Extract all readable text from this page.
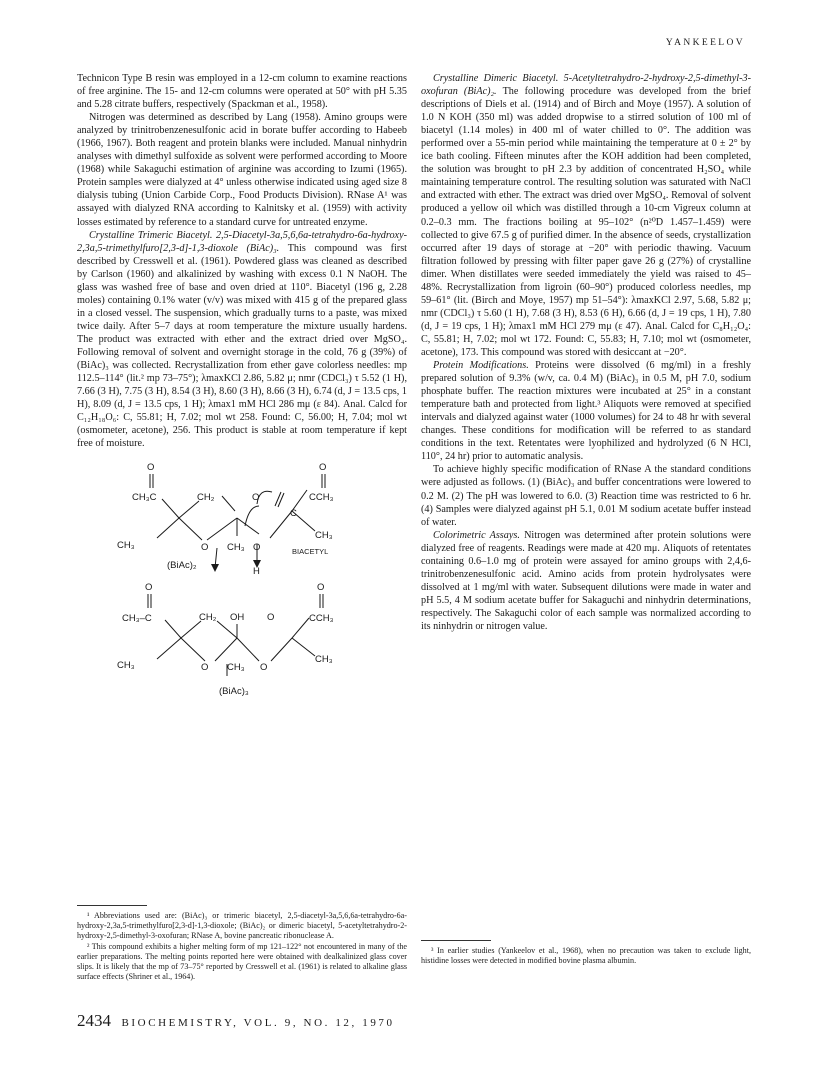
YANKEELOV

Technicon Type B resin was employed in a 12-cm column to examine reactions of free arginine. The 15- and 12-cm columns were operated at 50° with pH 5.35 and 5.28 citrate buffers, respectively (Spackman et al., 1958).

Nitrogen was determined as described by Lang (1958). Amino groups were analyzed by trinitrobenzenesulfonic acid in borate buffer according to Habeeb (1966, 1967). Both reagent and protein blanks were included. Manual ninhydrin analyses with dimethyl sulfoxide as solvent were performed according to Moore (1968) while Sakaguchi estimation of arginine was according to Izumi (1965). Protein samples were dialyzed at 4° unless otherwise indicated using aged size 8 dialysis tubing (Union Carbide Corp., Food Products Division). RNase A¹ was assayed with dialyzed RNA according to Kalnitsky et al. (1959) with activity losses estimated by reference to a standard curve for untreated enzyme.

Crystalline Trimeric Biacetyl. 2,5-Diacetyl-3a,5,6,6a-tetrahydro-6a-hydroxy-2,3a,5-trimethylfuro[2,3-d]-1,3-dioxole (BiAc)₃. This compound was first described by Cresswell et al. (1961). Powdered glass was cleaned as described by Carlson (1960) and alkalinized by washing with excess 0.1 N NaOH. The glass was washed free of base and oven dried at 110°. Biacetyl (196 g, 2.28 moles) containing 0.1% water (v/v) was mixed with 415 g of the prepared glass in a closed vessel. The suspension, which gradually turns to a paste, was mixed twice daily. After 5–7 days at room temperature the mixture usually hardens. The product was extracted with ether and the extract dried over MgSO₄. Following removal of solvent and overnight storage in the cold, 76 g (39%) of (BiAc)₃ was collected. Recrystallization from ether gave colorless needles: mp 112.5–114° (lit.² mp 73–75°); λmaxKCl 2.86, 5.82 μ; nmr (CDCl₃) τ 5.52 (1 H), 7.66 (3 H), 7.75 (3 H), 8.54 (3 H), 8.60 (3 H), 8.66 (3 H), 6.74 (d, J = 13.5 cps, 1 H), 8.09 (d, J = 13.5 cps, 1 H); λmax1 mM HCl 286 mμ (ε 84). Anal. Calcd for C₁₂H₁₈O₆: C, 55.81; H, 7.02; mol wt 258. Found: C, 56.00; H, 7.04; mol wt (osmometer, acetone), 256. This product is stable at room temperature if kept free of moisture.

O
CH₃C	CH₂	O
O
CCH₃
C
CH₃
CH₃
O CH₃ O	BIACETYL
(BiAc)₂
H
O
CH₃–C	CH₂ OH O
O
CCH₃
CH₃	O CH₃ O
CH₃
(BiAc)₃

Crystalline Dimeric Biacetyl. 5-Acetyltetrahydro-2-hydroxy-2,5-dimethyl-3-oxofuran (BiAc)₂. The following procedure was developed from the brief descriptions of Diels et al. (1914) and of Birch and Moye (1957). A solution of 1.0 N KOH (350 ml) was added dropwise to a stirred solution of 100 ml of biacetyl (1.14 moles) in 400 ml of water chilled to 0°. The addition was performed over a 55-min period while maintaining the temperature at 0 ± 2° by ice bath cooling. Fifteen minutes after the KOH addition had been completed, the solution was brought to pH 2.3 by addition of concentrated H₂SO₄ while maintaining temperature control. The resulting solution was saturated with NaCl and extracted with ether. The extract was dried over MgSO₄. Removal of solvent produced a yellow oil which was distilled through a 10-cm Vigreux column at 0.2–0.3 mm. The fractions boiling at 95–102° (n²⁰D 1.457–1.459) were collected to give 67.5 g of purified dimer. In the absence of seeds, crystallization occurred after 19 days of storage at −20° with periodic thawing. Vacuum filtration followed by pressing with filter paper gave 26 g (27%) of crystalline dimer. When distillates were seeded immediately the yield was raised to 45–48%. Recrystallization from ligroin (60–90°) produced colorless needles, mp 59–61° (lit. (Birch and Moye, 1957) mp 51–54°): λmaxKCl 2.97, 5.68, 5.82 μ; nmr (CDCl₃) τ 5.60 (1 H), 7.68 (3 H), 8.53 (6 H), 6.66 (d, J = 19 cps, 1 H), 7.80 (d, J = 19 cps, 1 H); λmax1 mM HCl 279 mμ (ε 47). Anal. Calcd for C₈H₁₂O₄: C, 55.81; H, 7.02; mol wt 172. Found: C, 55.83; H, 7.10; mol wt (osmometer, acetone), 173. This compound was stored with desiccant at −20°.

Protein Modifications. Proteins were dissolved (6 mg/ml) in a freshly prepared solution of 9.3% (w/v, ca. 0.4 M) (BiAc)₃ in 0.5 M, pH 7.0, sodium phosphate buffer. The reaction mixtures were incubated at 25° in a constant temperature bath and protected from light.³ Aliquots were removed at specified intervals and dialyzed against water (1000 volumes) for 24 to 48 hr with several changes. These conditions for modification will be referred to as standard conditions in the text. Retentates were lyophilized and hydrolyzed (6 N HCl, 110°, 24 hr) prior to automatic analysis.

To achieve highly specific modification of RNase A the standard conditions were adjusted as follows. (1) (BiAc)₃ and buffer concentrations were lowered to 0.2 M. (2) The pH was lowered to 6.0. (3) Reaction time was restricted to 6 hr. (4) Samples were dialyzed against pH 5.1, 0.01 M sodium acetate buffer instead of water.

Colorimetric Assays. Nitrogen was determined after protein solutions were dialyzed free of reagents. Readings were made at 420 mμ. Aliquots of retentates containing 0.6–1.0 mg of protein were assayed for amino groups with 2,4,6-trinitrobenzenesulfonic acid. Amino acids from protein hydrolysates were dissolved at 1 mg/ml with water. Subsequent dilutions were made in water and pH 5.5, 4 M sodium acetate buffer for Sakaguchi and ninhydrin determinations, respectively. The Sakaguchi color of each sample was normalized according to its ninhydrin or nitrogen value.

¹ Abbreviations used are: (BiAc)₃ or trimeric biacetyl, 2,5-diacetyl-3a,5,6,6a-tetrahydro-6a-hydroxy-2,3a,5-trimethylfuro[2,3-d]-1,3-dioxole; (BiAc)₂ or dimeric biacetyl, 5-acetyltetrahydro-2-hydroxy-2,5-dimethyl-3-oxofuran; RNase A, bovine pancreatic ribonuclease A.

² This compound exhibits a higher melting form of mp 121–122° not encountered in many of the earlier preparations. The melting points reported here were obtained with dealkalinized glass cover slips. It is likely that the mp of 73–75° reported by Cresswell et al. (1961) is related to alkaline glass surface effects (Shriner et al., 1964).

³ In earlier studies (Yankeelov et al., 1968), when no precaution was taken to exclude light, histidine losses were detected in modified bovine plasma albumin.

2434 BIOCHEMISTRY, VOL. 9, NO. 12, 1970
